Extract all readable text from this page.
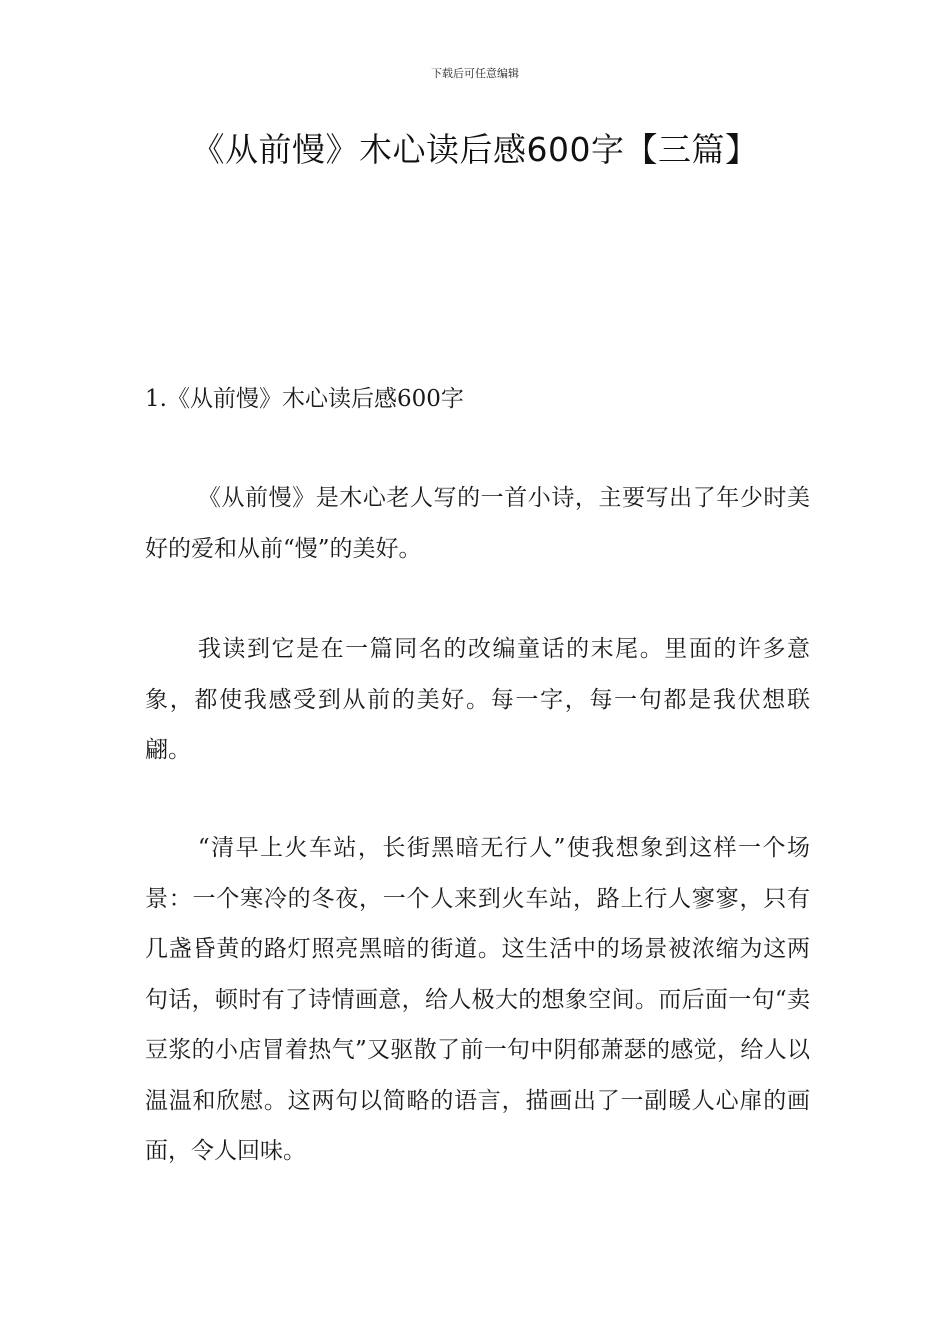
下载后可任意编辑
《从前慢》木心读后感600字【三篇】
1.《从前慢》木心读后感600字

《从前慢》是木心老人写的一首小诗，主要写出了年少时美好的爱和从前“慢”的美好。

我读到它是在一篇同名的改编童话的末尾。里面的许多意象，都使我感受到从前的美好。每一字，每一句都是我伏想联翩。

“清早上火车站，长街黑暗无行人”使我想象到这样一个场景：一个寒冷的冬夜，一个人来到火车站，路上行人寥寥，只有几盏昏黄的路灯照亮黑暗的街道。这生活中的场景被浓缩为这两句话，顿时有了诗情画意，给人极大的想象空间。而后面一句“卖豆浆的小店冒着热气”又驱散了前一句中阴郁萧瑟的感觉，给人以温温和欣慰。这两句以简略的语言，描画出了一副暖人心扉的画面，令人回味。
